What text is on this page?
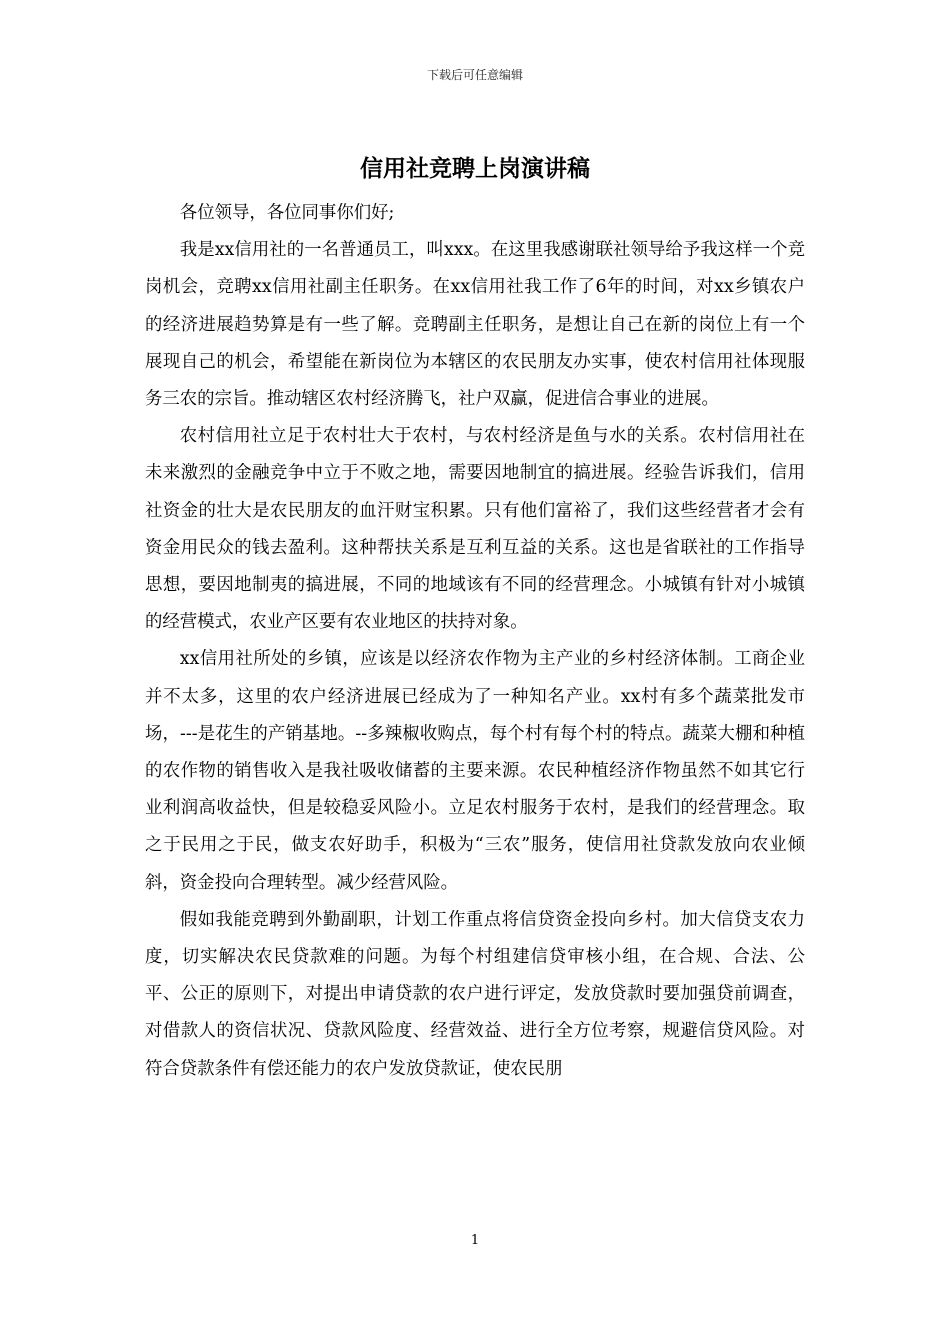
下载后可任意编辑
信用社竞聘上岗演讲稿

各位领导，各位同事你们好;

我是xx信用社的一名普通员工，叫xxx。在这里我感谢联社领导给予我这样一个竞岗机会，竞聘xx信用社副主任职务。在xx信用社我工作了6年的时间，对xx乡镇农户的经济进展趋势算是有一些了解。竞聘副主任职务，是想让自己在新的岗位上有一个展现自己的机会，希望能在新岗位为本辖区的农民朋友办实事，使农村信用社体现服务三农的宗旨。推动辖区农村经济腾飞，社户双赢，促进信合事业的进展。

农村信用社立足于农村壮大于农村，与农村经济是鱼与水的关系。农村信用社在未来激烈的金融竞争中立于不败之地，需要因地制宜的搞进展。经验告诉我们，信用社资金的壮大是农民朋友的血汗财宝积累。只有他们富裕了，我们这些经营者才会有资金用民众的钱去盈利。这种帮扶关系是互利互益的关系。这也是省联社的工作指导思想，要因地制夷的搞进展，不同的地域该有不同的经营理念。小城镇有针对小城镇的经营模式，农业产区要有农业地区的扶持对象。

xx信用社所处的乡镇，应该是以经济农作物为主产业的乡村经济体制。工商企业并不太多，这里的农户经济进展已经成为了一种知名产业。xx村有多个蔬菜批发市场，---是花生的产销基地。--多辣椒收购点，每个村有每个村的特点。蔬菜大棚和种植的农作物的销售收入是我社吸收储蓄的主要来源。农民种植经济作物虽然不如其它行业利润高收益快，但是较稳妥风险小。立足农村服务于农村，是我们的经营理念。取之于民用之于民，做支农好助手，积极为“三农”服务，使信用社贷款发放向农业倾斜，资金投向合理转型。减少经营风险。

假如我能竞聘到外勤副职，计划工作重点将信贷资金投向乡村。加大信贷支农力度，切实解决农民贷款难的问题。为每个村组建信贷审核小组，在合规、合法、公平、公正的原则下，对提出申请贷款的农户进行评定，发放贷款时要加强贷前调查，对借款人的资信状况、贷款风险度、经营效益、进行全方位考察，规避信贷风险。对符合贷款条件有偿还能力的农户发放贷款证，使农民朋

1
